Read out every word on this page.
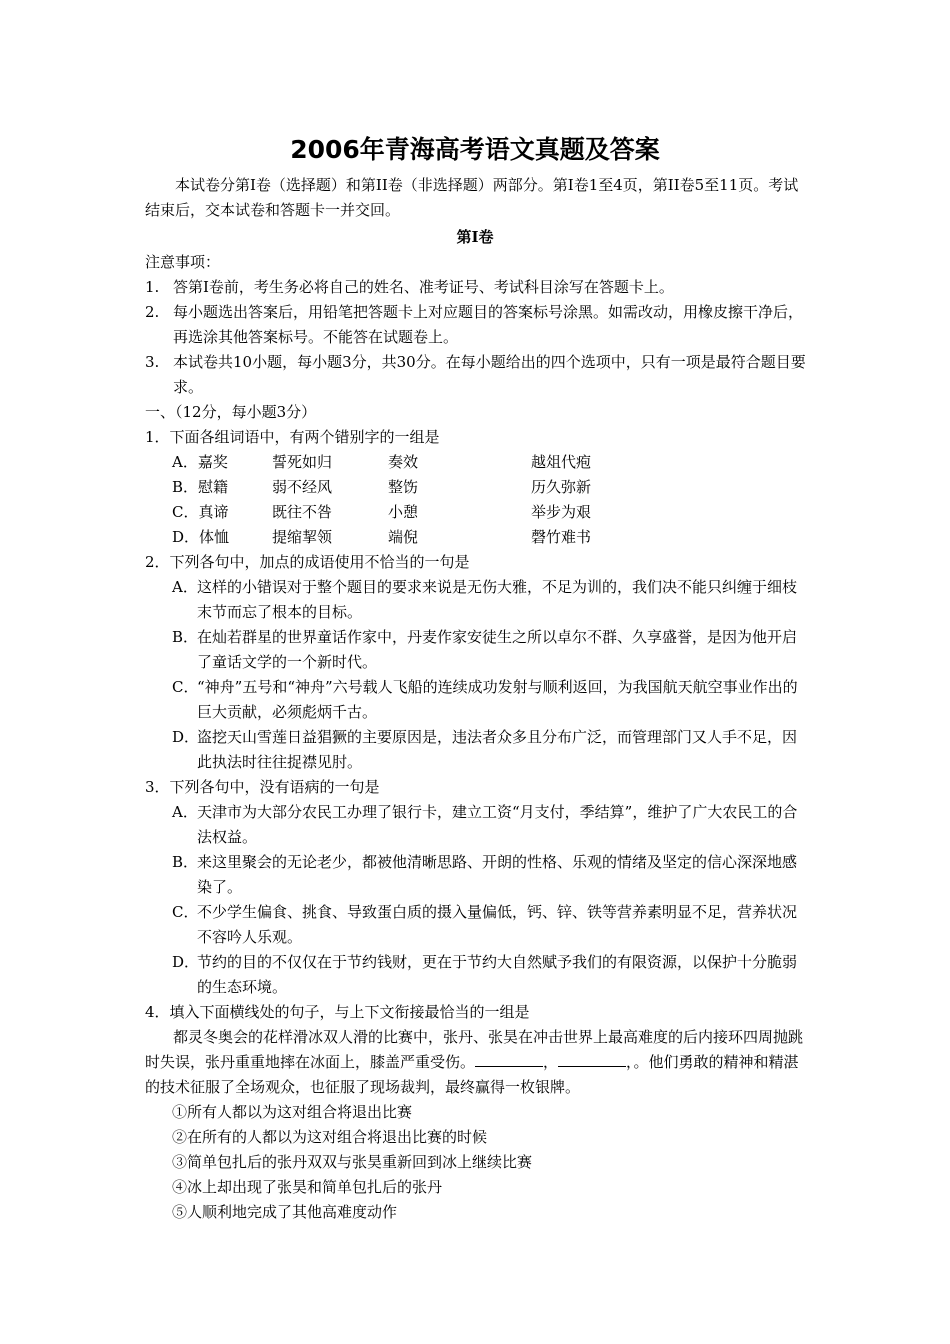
2006年青海高考语文真题及答案
本试卷分第I卷（选择题）和第II卷（非选择题）两部分。第I卷1至4页，第II卷5至11页。考试结束后，交本试卷和答题卡一并交回。
第I卷
注意事项：
1. 答第I卷前，考生务必将自己的姓名、准考证号、考试科目涂写在答题卡上。
2. 每小题选出答案后，用铅笔把答题卡上对应题目的答案标号涂黑。如需改动，用橡皮擦干净后，再选涂其他答案标号。不能答在试题卷上。
3. 本试卷共10小题，每小题3分，共30分。在每小题给出的四个选项中，只有一项是最符合题目要求。
一、（12分，每小题3分）
1．下面各组词语中，有两个错别字的一组是
A．嘉奖	誓死如归	奏效	越俎代疱
B．慰籍	弱不经风	整饬	历久弥新
C．真谛	既往不咎	小憩	举步为艰
D．体恤	提缩挈领	端倪	磬竹难书
2．下列各句中，加点的成语使用不恰当的一句是
A． 这样的小错误对于整个题目的要求来说是无伤大雅，不足为训的，我们决不能只纠缠于细枝末节而忘了根本的目标。
B．
在灿若群星的世界童话作家中，丹麦作家安徒生之所以卓尔不群、久享盛誉，是因为他开启了童话文学的一个新时代。
C．
“神舟”五号和“神舟”六号载人飞船的连续成功发射与顺利返回，为我国航天航空事业作出的巨大贡献，必须彪炳千古。
D．
盗挖天山雪莲日益猖獗的主要原因是，违法者众多且分布广泛，而管理部门又人手不足，因此执法时往往捉襟见肘。
3．下列各句中，没有语病的一句是
A． 天津市为大部分农民工办理了银行卡，建立工资“月支付，季结算”，维护了广大农民工的合法权益。
B．
来这里聚会的无论老少，都被他清晰思路、开朗的性格、乐观的情绪及坚定的信心深深地感染了。
C．
不少学生偏食、挑食、导致蛋白质的摄入量偏低，钙、锌、铁等营养素明显不足，营养状况不容吟人乐观。
D．
节约的目的不仅仅在于节约钱财，更在于节约大自然赋予我们的有限资源，以保护十分脆弱的生态环境。
4．填入下面横线处的句子，与上下文衔接最恰当的一组是
都灵冬奥会的花样滑冰双人滑的比赛中，张丹、张昊在冲击世界上最高难度的后内接环四周抛跳时失误，张丹重重地摔在冰面上，膝盖严重受伤。	，	，。他们勇敢的精神和精湛的技术征服了全场观众，也征服了现场裁判，最终赢得一枚银牌。
①所有人都以为这对组合将退出比赛
②在所有的人都以为这对组合将退出比赛的时候
③简单包扎后的张丹双双与张昊重新回到冰上继续比赛
④冰上却出现了张昊和简单包扎后的张丹
⑤人顺利地完成了其他高难度动作
